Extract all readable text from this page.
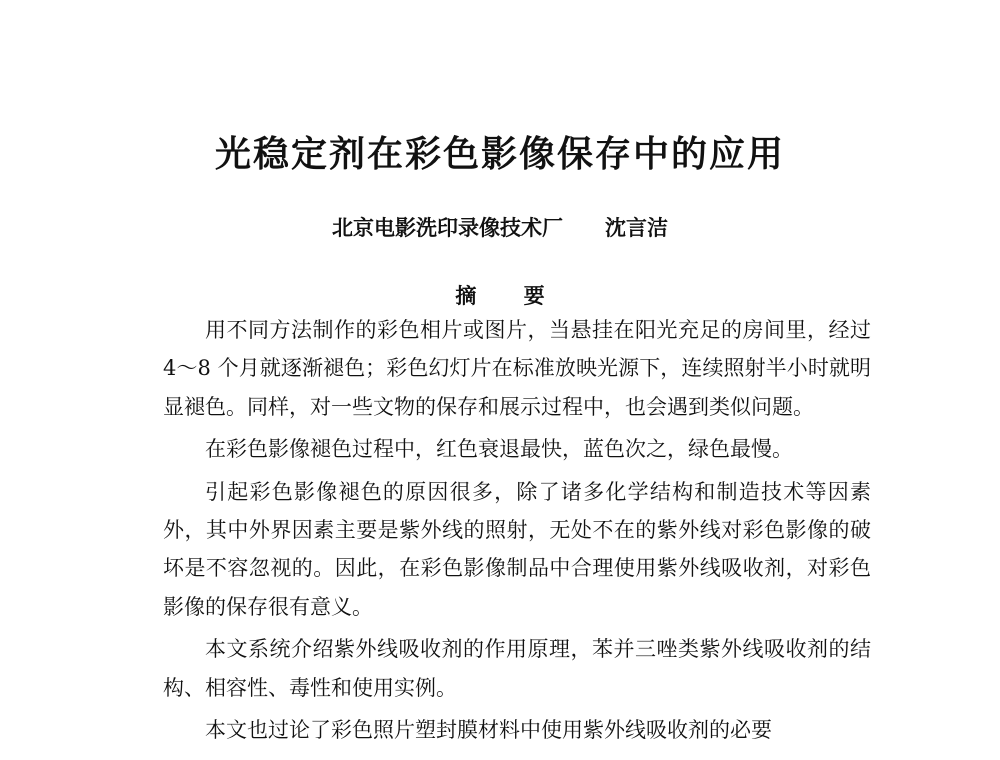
光稳定剂在彩色影像保存中的应用
北京电影洗印录像技术厂 沈言洁
摘 要

用不同方法制作的彩色相片或图片，当悬挂在阳光充足的房间里，经过 4～8 个月就逐渐褪色；彩色幻灯片在标准放映光源下，连续照射半小时就明显褪色。同样，对一些文物的保存和展示过程中，也会遇到类似问题。

在彩色影像褪色过程中，红色衰退最快，蓝色次之，绿色最慢。

引起彩色影像褪色的原因很多，除了诸多化学结构和制造技术等因素外，其中外界因素主要是紫外线的照射，无处不在的紫外线对彩色影像的破坏是不容忽视的。因此，在彩色影像制品中合理使用紫外线吸收剂，对彩色影像的保存很有意义。

本文系统介绍紫外线吸收剂的作用原理，苯并三唑类紫外线吸收剂的结构、相容性、毒性和使用实例。

本文也过论了彩色照片塑封膜材料中使用紫外线吸收剂的必要
